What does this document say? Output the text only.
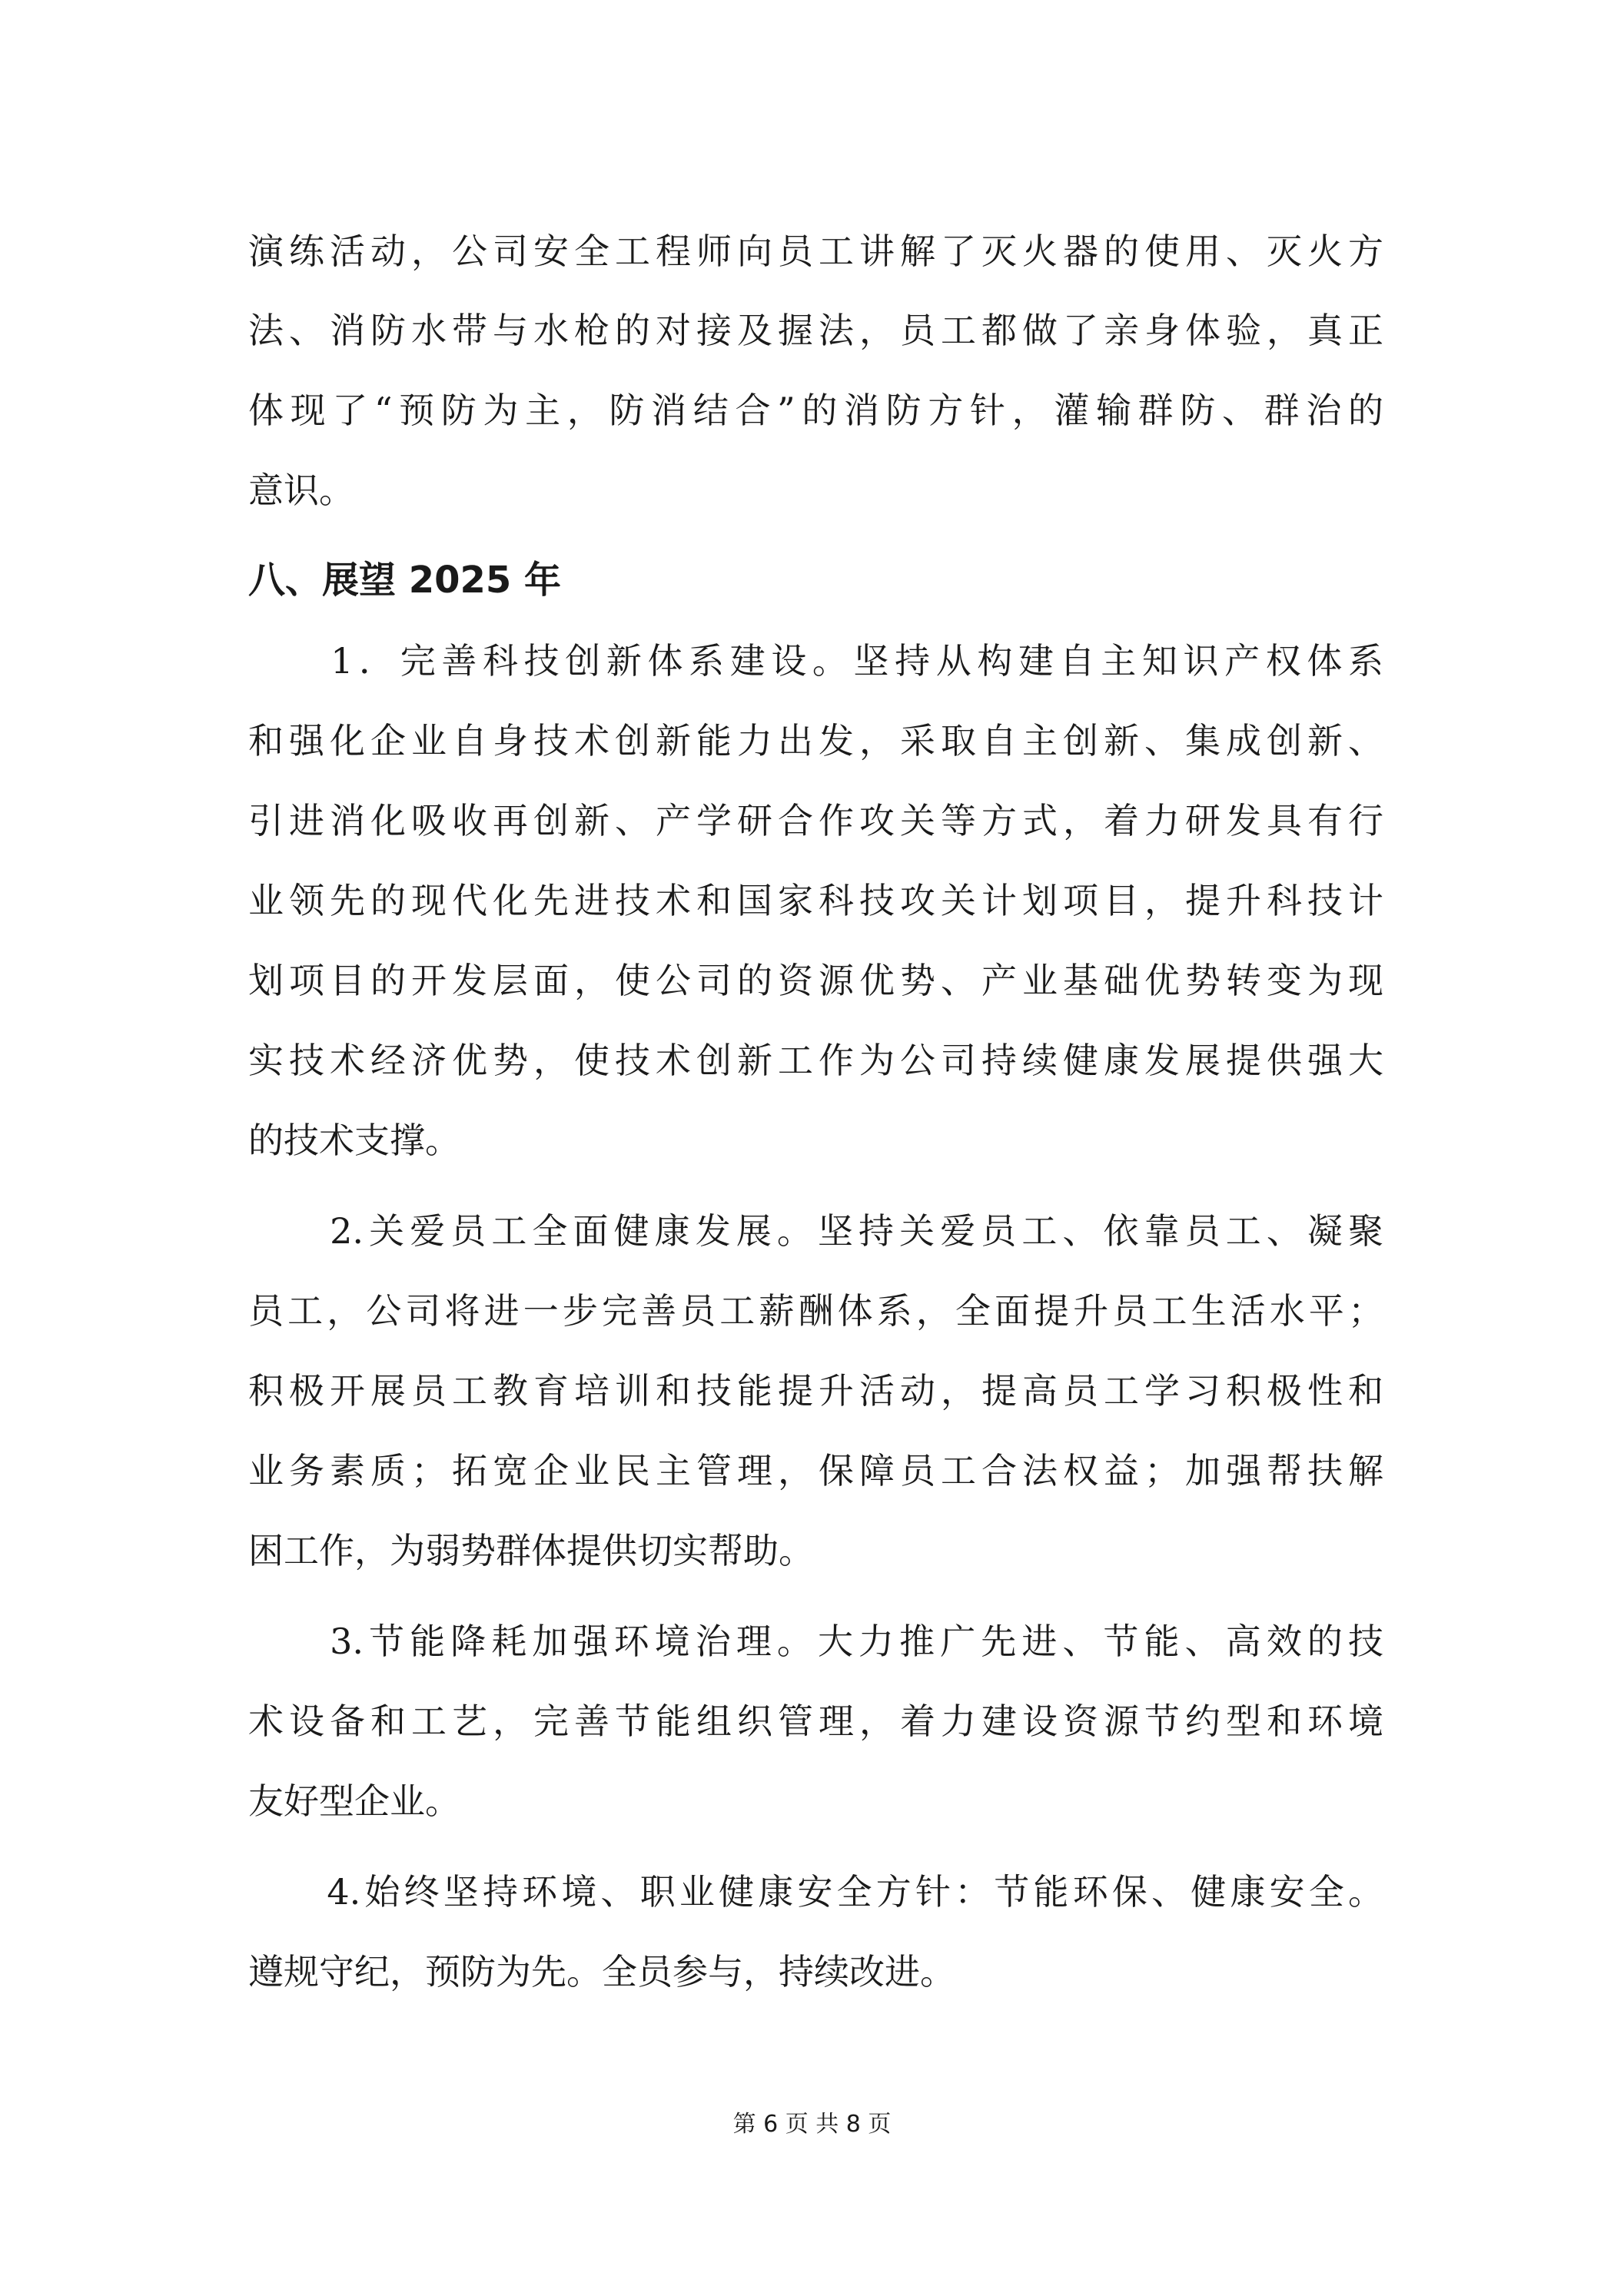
演练活动，公司安全工程师向员工讲解了灭火器的使用、灭火方
法、消防水带与水枪的对接及握法，员工都做了亲身体验，真正
体现了“预防为主，防消结合”的消防方针，灌输群防、群治的
意识。
八、展望 2025 年
　　1．完善科技创新体系建设。坚持从构建自主知识产权体系
和强化企业自身技术创新能力出发，采取自主创新、集成创新、
引进消化吸收再创新、产学研合作攻关等方式，着力研发具有行
业领先的现代化先进技术和国家科技攻关计划项目，提升科技计
划项目的开发层面，使公司的资源优势、产业基础优势转变为现
实技术经济优势，使技术创新工作为公司持续健康发展提供强大
的技术支撑。
　　2.关爱员工全面健康发展。坚持关爱员工、依靠员工、凝聚
员工，公司将进一步完善员工薪酬体系，全面提升员工生活水平；
积极开展员工教育培训和技能提升活动，提高员工学习积极性和
业务素质；拓宽企业民主管理，保障员工合法权益；加强帮扶解
困工作，为弱势群体提供切实帮助。
　　3.节能降耗加强环境治理。大力推广先进、节能、高效的技
术设备和工艺，完善节能组织管理，着力建设资源节约型和环境
友好型企业。
　　4.始终坚持环境、职业健康安全方针：节能环保、健康安全。
遵规守纪，预防为先。全员参与，持续改进。
第 6 页 共 8 页
